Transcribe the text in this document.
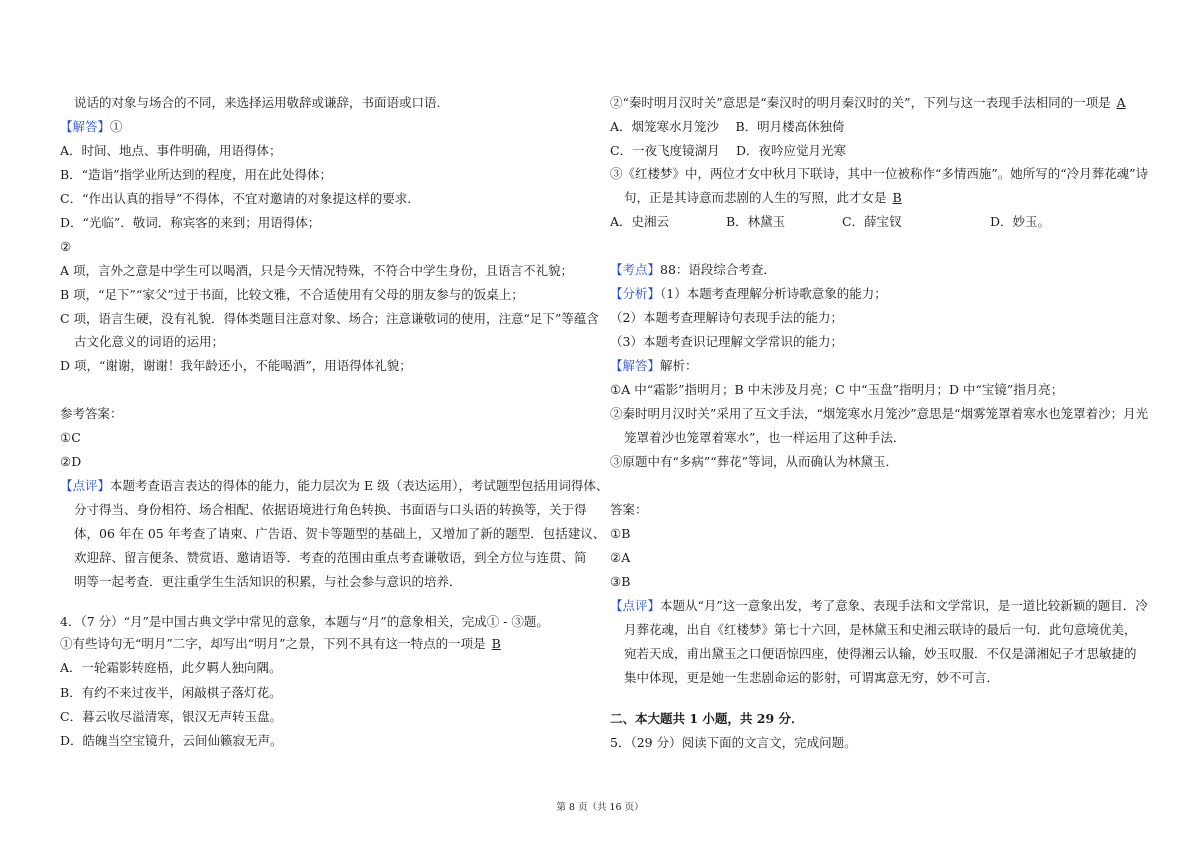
说话的对象与场合的不同，来选择运用敬辞或谦辞，书面语或口语.
【解答】①
A．时间、地点、事件明确，用语得体；
B．“造诣”指学业所达到的程度，用在此处得体；
C．“作出认真的指导”不得体，不宜对邀请的对象提这样的要求．
D．“光临”．敬词．称宾客的来到；用语得体；
②
A 项，言外之意是中学生可以喝酒，只是今天情况特殊，不符合中学生身份，且语言不礼貌；
B 项，“足下”“家父”过于书面，比较文雅，不合适使用有父母的朋友参与的饭桌上；
C 项，语言生硬，没有礼貌．得体类题目注意对象、场合；注意谦敬词的使用，注意“足下”等蕴含
古文化意义的词语的运用；
D 项，“谢谢，谢谢！我年龄还小，不能喝酒”，用语得体礼貌；
参考答案：
①C
②D
【点评】本题考查语言表达的得体的能力，能力层次为 E 级（表达运用），考试题型包括用词得体、
分寸得当、身份相符、场合相配、依据语境进行角色转换、书面语与口头语的转换等，关于得
体，06 年在 05 年考查了请柬、广告语、贺卡等题型的基础上，又增加了新的题型．包括建议、
欢迎辞、留言便条、赞赏语、邀请语等．考查的范围由重点考查谦敬语，到全方位与连贯、简
明等一起考查．更注重学生生活知识的积累，与社会参与意识的培养．
4．（7 分）“月”是中国古典文学中常见的意象，本题与“月”的意象相关，完成① - ③题。
①有些诗句无“明月”二字，却写出“明月”之景，下列不具有这一特点的一项是 B
A．一轮霜影转庭梧，此夕羁人独向隅。
B．有约不来过夜半，闲敲棋子落灯花。
C．暮云收尽溢清寒，银汉无声转玉盘。
D．皓魄当空宝镜升，云间仙籁寂无声。
②“秦时明月汉时关”意思是“秦汉时的明月秦汉时的关”，下列与这一表现手法相同的一项是 A
A．烟笼寒水月笼沙　 B．明月楼高休独倚
C．一夜飞度镜湖月　 D．夜吟应觉月光寒
③《红楼梦》中，两位才女中秋月下联诗，其中一位被称作“多情西施”。她所写的“冷月葬花魂”诗
句，正是其诗意而悲剧的人生的写照，此才女是 B
A．史湘云	B．林黛玉	C．薛宝钗	D．妙玉。
【考点】88：语段综合考查．
【分析】（1）本题考查理解分析诗歌意象的能力；
（2）本题考查理解诗句表现手法的能力；
（3）本题考查识记理解文学常识的能力；
【解答】解析：
①A 中“霜影”指明月；B 中未涉及月亮；C 中“玉盘”指明月；D 中“宝镜”指月亮；
②秦时明月汉时关”采用了互文手法，“烟笼寒水月笼沙”意思是“烟雾笼罩着寒水也笼罩着沙；月光
笼罩着沙也笼罩着寒水”，也一样运用了这种手法．
③原题中有“多病”“葬花”等词，从而确认为林黛玉．
答案：
①B
②A
③B
【点评】本题从“月”这一意象出发，考了意象、表现手法和文学常识，是一道比较新颖的题目．冷
月葬花魂，出自《红楼梦》第七十六回，是林黛玉和史湘云联诗的最后一句．此句意境优美，
宛若天成，甫出黛玉之口便语惊四座，使得湘云认输，妙玉叹服．不仅是潇湘妃子才思敏捷的
集中体现，更是她一生悲剧命运的影射，可谓寓意无穷，妙不可言．
二、本大题共 1 小题，共 29 分．
5．（29 分）阅读下面的文言文，完成问题。
第 8 页（共 16 页）
